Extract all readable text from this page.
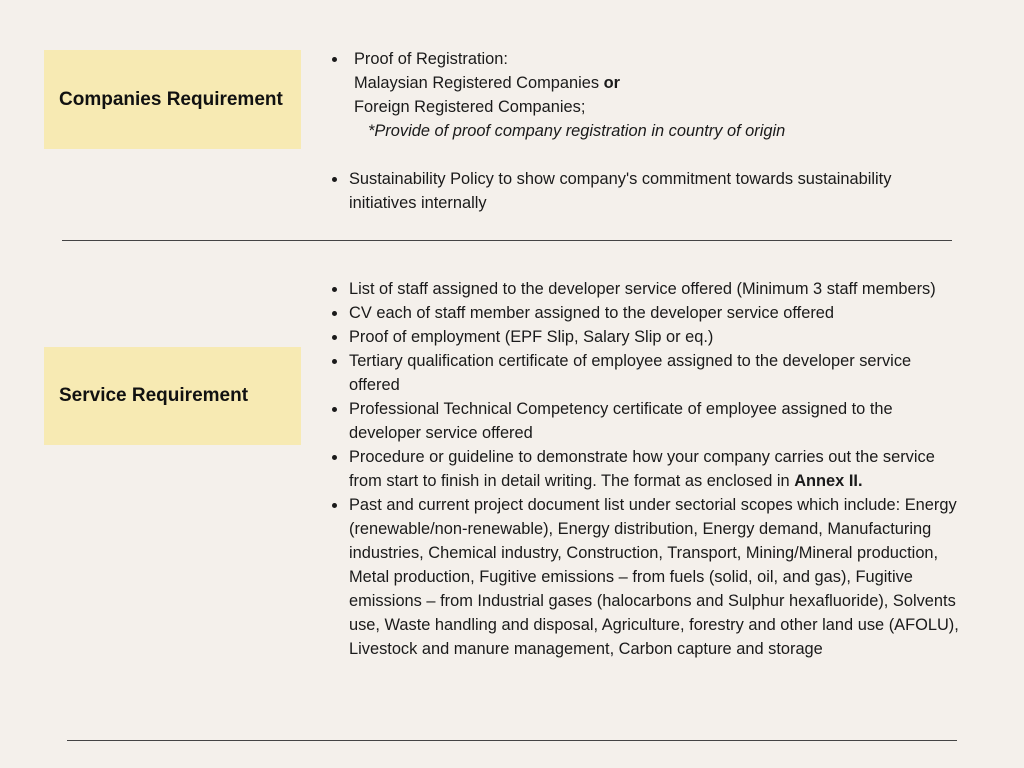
Companies Requirement
Proof of Registration:
Malaysian Registered Companies or
Foreign Registered Companies;
*Provide of proof company registration in country of origin
Sustainability Policy to show company's commitment towards sustainability initiatives internally
Service Requirement
List of staff assigned to the developer service offered (Minimum 3 staff members)
CV each of staff member assigned to the developer service offered
Proof of employment (EPF Slip, Salary Slip or eq.)
Tertiary qualification certificate of employee assigned to the developer service offered
Professional Technical Competency certificate of employee assigned to the developer service offered
Procedure or guideline to demonstrate how your company carries out the service from start to finish in detail writing. The format as enclosed in Annex II.
Past and current project document list under sectorial scopes which include: Energy (renewable/non-renewable), Energy distribution, Energy demand, Manufacturing industries, Chemical industry, Construction, Transport, Mining/Mineral production, Metal production, Fugitive emissions – from fuels (solid, oil, and gas), Fugitive emissions – from Industrial gases (halocarbons and Sulphur hexafluoride), Solvents use, Waste handling and disposal, Agriculture, forestry and other land use (AFOLU), Livestock and manure management, Carbon capture and storage
